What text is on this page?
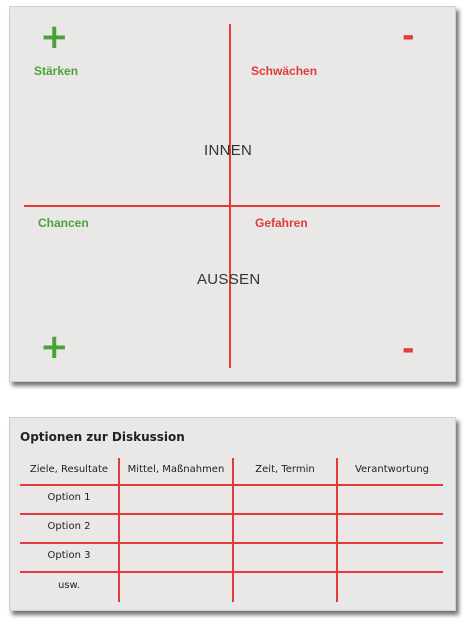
+	-
Stärken	Schwächen
INNEN
Chancen	Gefahren
AUSSEN
+	-
Optionen zur Diskussion
Ziele, Resultate	Mittel, Maßnahmen	Zeit, Termin	Verantwortung
Option 1
Option 2
Option 3
usw.
